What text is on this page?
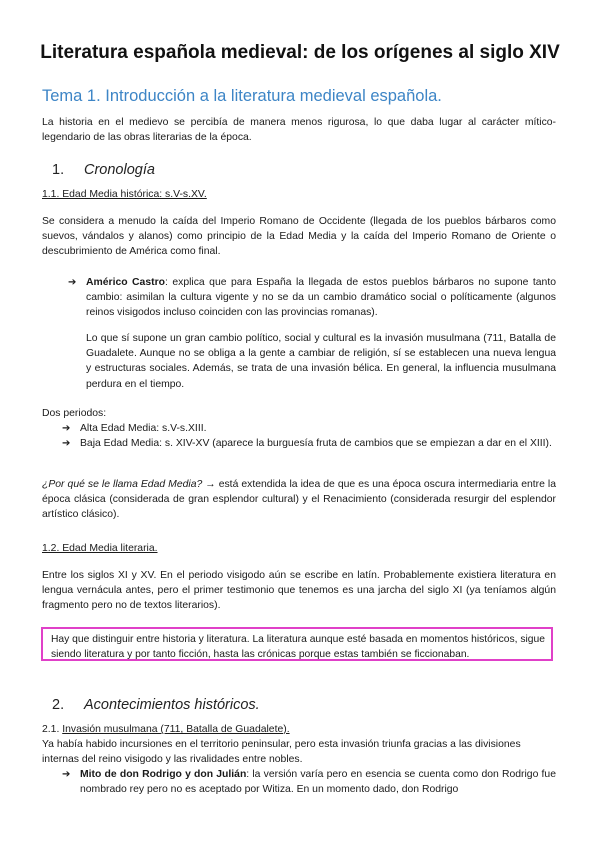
Literatura española medieval: de los orígenes al siglo XIV
Tema 1. Introducción a la literatura medieval española.
La historia en el medievo se percibía de manera menos rigurosa, lo que daba lugar al carácter mítico-legendario de las obras literarias de la época.
1. Cronología
1.1. Edad Media histórica: s.V-s.XV.
Se considera a menudo la caída del Imperio Romano de Occidente (llegada de los pueblos bárbaros como suevos, vándalos y alanos) como principio de la Edad Media y la caída del Imperio Romano de Oriente o descubrimiento de América como final.
➔ Américo Castro: explica que para España la llegada de estos pueblos bárbaros no supone tanto cambio: asimilan la cultura vigente y no se da un cambio dramático social o políticamente (algunos reinos visigodos incluso coinciden con las provincias romanas).
Lo que sí supone un gran cambio político, social y cultural es la invasión musulmana (711, Batalla de Guadalete. Aunque no se obliga a la gente a cambiar de religión, sí se establecen una nueva lengua y estructuras sociales. Además, se trata de una invasión bélica. En general, la influencia musulmana perdura en el tiempo.
Dos periodos:
➔ Alta Edad Media: s.V-s.XIII.
➔ Baja Edad Media: s. XIV-XV (aparece la burguesía fruta de cambios que se empiezan a dar en el XIII).
¿Por qué se le llama Edad Media? → está extendida la idea de que es una época oscura intermediaria entre la época clásica (considerada de gran esplendor cultural) y el Renacimiento (considerada resurgir del esplendor artístico clásico).
1.2. Edad Media literaria.
Entre los siglos XI y XV. En el periodo visigodo aún se escribe en latín. Probablemente existiera literatura en lengua vernácula antes, pero el primer testimonio que tenemos es una jarcha del siglo XI (ya teníamos algún fragmento pero no de textos literarios).
Hay que distinguir entre historia y literatura. La literatura aunque esté basada en momentos históricos, sigue siendo literatura y por tanto ficción, hasta las crónicas porque estas también se ficcionaban.
2. Acontecimientos históricos.
2.1. Invasión musulmana (711, Batalla de Guadalete).
Ya había habido incursiones en el territorio peninsular, pero esta invasión triunfa gracias a las divisiones internas del reino visigodo y las rivalidades entre nobles.
➔ Mito de don Rodrigo y don Julián: la versión varía pero en esencia se cuenta como don Rodrigo fue nombrado rey pero no es aceptado por Witiza. En un momento dado, don Rodrigo
